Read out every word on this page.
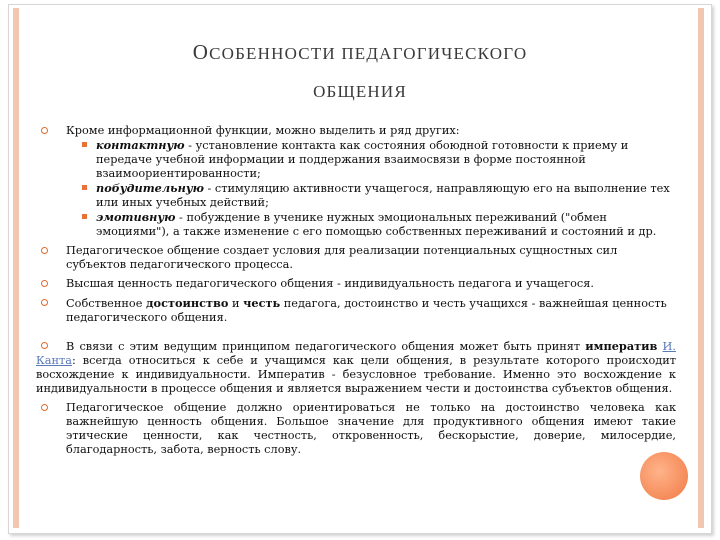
ОСОБЕННОСТИ ПЕДАГОГИЧЕСКОГО
ОБЩЕНИЯ
Кроме информационной функции, можно выделить и ряд других:
контактную - установление контакта как состояния обоюдной готовности к приему и передаче учебной информации и поддержания взаимосвязи в форме постоянной взаимоориентированности;
побудительную - стимуляцию активности учащегося, направляющую его на выполнение тех или иных учебных действий;
эмотивную - побуждение в ученике нужных эмоциональных переживаний ("обмен эмоциями"), а также изменение с его помощью собственных переживаний и состояний и др.
Педагогическое общение создает условия для реализации потенциальных сущностных сил субъектов педагогического процесса.
Высшая ценность педагогического общения - индивидуальность педагога и учащегося.
Собственное достоинство и честь педагога, достоинство и честь учащихся - важнейшая ценность педагогического общения.
В связи с этим ведущим принципом педагогического общения может быть принят императив И. Канта: всегда относиться к себе и учащимся как цели общения, в результате которого происходит восхождение к индивидуальности. Императив - безусловное требование. Именно это восхождение к индивидуальности в процессе общения и является выражением чести и достоинства субъектов общения.
Педагогическое общение должно ориентироваться не только на достоинство человека как важнейшую ценность общения. Большое значение для продуктивного общения имеют такие этические ценности, как честность, откровенность, бескорыстие, доверие, милосердие, благодарность, забота, верность слову.
